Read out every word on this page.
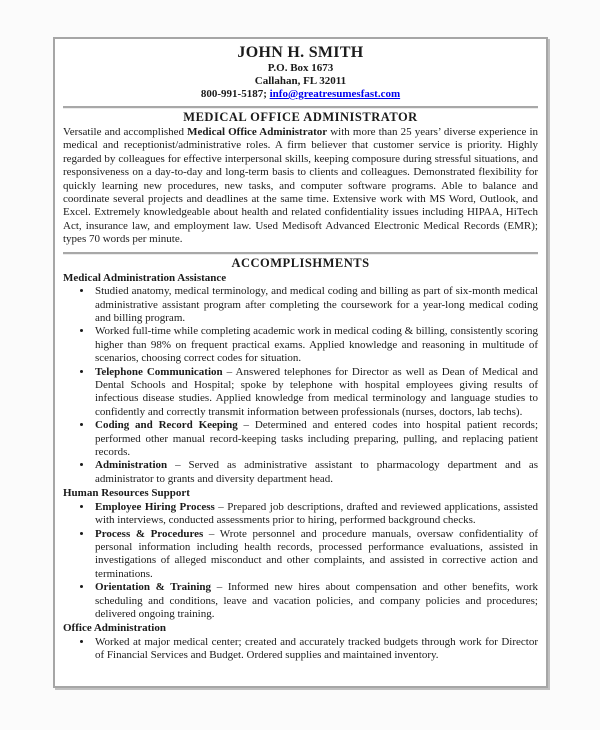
JOHN H. SMITH
P.O. Box 1673
Callahan, FL 32011
800-991-5187; info@greatresumesfast.com
MEDICAL OFFICE ADMINISTRATOR

Versatile and accomplished Medical Office Administrator with more than 25 years’ diverse experience in medical and receptionist/administrative roles. A firm believer that customer service is priority. Highly regarded by colleagues for effective interpersonal skills, keeping composure during stressful situations, and responsiveness on a day-to-day and long-term basis to clients and colleagues. Demonstrated flexibility for quickly learning new procedures, new tasks, and computer software programs. Able to balance and coordinate several projects and deadlines at the same time. Extensive work with MS Word, Outlook, and Excel. Extremely knowledgeable about health and related confidentiality issues including HIPAA, HiTech Act, insurance law, and employment law. Used Medisoft Advanced Electronic Medical Records (EMR); types 70 words per minute.

ACCOMPLISHMENTS
Medical Administration Assistance
• Studied anatomy, medical terminology, and medical coding and billing as part of six-month medical administrative assistant program after completing the coursework for a year-long medical coding and billing program.
• Worked full-time while completing academic work in medical coding & billing, consistently scoring higher than 98% on frequent practical exams. Applied knowledge and reasoning in multitude of scenarios, choosing correct codes for situation.
• Telephone Communication – Answered telephones for Director as well as Dean of Medical and Dental Schools and Hospital; spoke by telephone with hospital employees giving results of infectious disease studies. Applied knowledge from medical terminology and language studies to confidently and correctly transmit information between professionals (nurses, doctors, lab techs).
• Coding and Record Keeping – Determined and entered codes into hospital patient records; performed other manual record-keeping tasks including preparing, pulling, and replacing patient records.
• Administration – Served as administrative assistant to pharmacology department and as administrator to grants and diversity department head.
Human Resources Support
• Employee Hiring Process – Prepared job descriptions, drafted and reviewed applications, assisted with interviews, conducted assessments prior to hiring, performed background checks.
• Process & Procedures – Wrote personnel and procedure manuals, oversaw confidentiality of personal information including health records, processed performance evaluations, assisted in investigations of alleged misconduct and other complaints, and assisted in corrective action and terminations.
• Orientation & Training – Informed new hires about compensation and other benefits, work scheduling and conditions, leave and vacation policies, and company policies and procedures; delivered ongoing training.
Office Administration
• Worked at major medical center; created and accurately tracked budgets through work for Director of Financial Services and Budget. Ordered supplies and maintained inventory.
